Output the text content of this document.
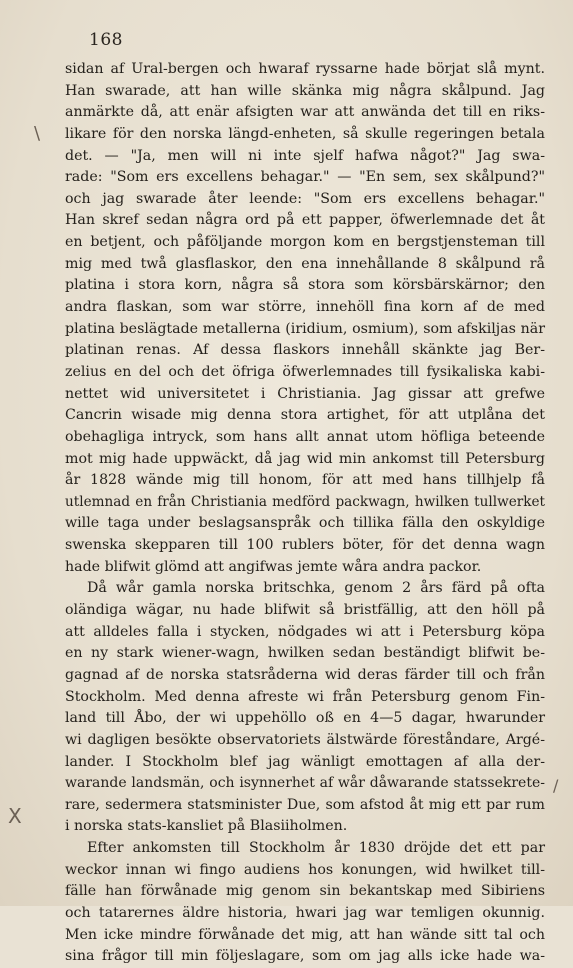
168
\
X
/
sidan af Ural-bergen och hwaraf ryssarne hade börjat slå mynt.
Han swarade, att han wille skänka mig några skålpund. Jag
anmärkte då, att enär afsigten war att anwända det till en riks-
likare för den norska längd-enheten, så skulle regeringen betala
det. — "Ja, men will ni inte sjelf hafwa något?" Jag swa-
rade: "Som ers excellens behagar." — "En sem, sex skålpund?"
och jag swarade åter leende: "Som ers excellens behagar."
Han skref sedan några ord på ett papper, öfwerlemnade det åt
en betjent, och påföljande morgon kom en bergstjensteman till
mig med twå glasflaskor, den ena innehållande 8 skålpund rå
platina i stora korn, några så stora som körsbärskärnor; den
andra flaskan, som war större, innehöll fina korn af de med
platina beslägtade metallerna (iridium, osmium), som afskiljas när
platinan renas. Af dessa flaskors innehåll skänkte jag Ber-
zelius en del och det öfriga öfwerlemnades till fysikaliska kabi-
nettet wid universitetet i Christiania. Jag gissar att grefwe
Cancrin wisade mig denna stora artighet, för att utplåna det
obehagliga intryck, som hans allt annat utom höfliga beteende
mot mig hade uppwäckt, då jag wid min ankomst till Petersburg
år 1828 wände mig till honom, för att med hans tillhjelp få
utlemnad en från Christiania medförd packwagn, hwilken tullwerket
wille taga under beslagsanspråk och tillika fälla den oskyldige
swenska skepparen till 100 rublers böter, för det denna wagn
hade blifwit glömd att angifwas jemte wåra andra packor.
Då wår gamla norska britschka, genom 2 års färd på ofta
oländiga wägar, nu hade blifwit så bristfällig, att den höll på
att alldeles falla i stycken, nödgades wi att i Petersburg köpa
en ny stark wiener-wagn, hwilken sedan beständigt blifwit be-
gagnad af de norska statsråderna wid deras färder till och från
Stockholm. Med denna afreste wi från Petersburg genom Fin-
land till Åbo, der wi uppehöllo oß en 4—5 dagar, hwarunder
wi dagligen besökte observatoriets älstwärde föreståndare, Argé-
lander. I Stockholm blef jag wänligt emottagen af alla der-
warande landsmän, och isynnerhet af wår dåwarande statssekrete-
rare, sedermera statsminister Due, som afstod åt mig ett par rum
i norska stats-kansliet på Blasiiholmen.
Efter ankomsten till Stockholm år 1830 dröjde det ett par
weckor innan wi fingo audiens hos konungen, wid hwilket till-
fälle han förwånade mig genom sin bekantskap med Sibiriens
och tatarernes äldre historia, hwari jag war temligen okunnig.
Men icke mindre förwånade det mig, att han wände sitt tal och
sina frågor till min följeslagare, som om jag alls icke hade wa-
